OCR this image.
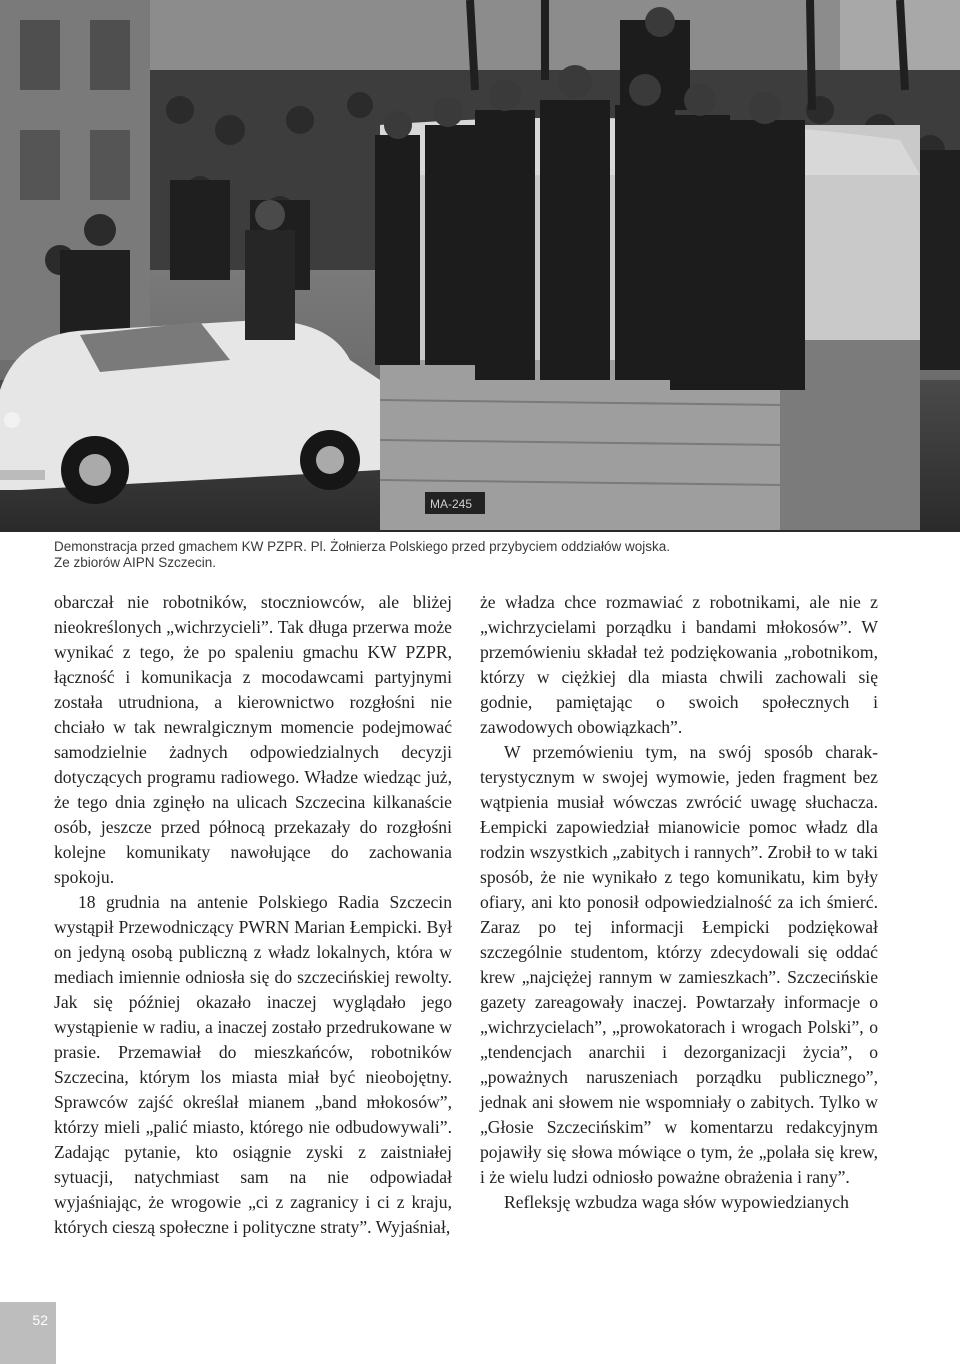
MA-245
Demonstracja przed gmachem KW PZPR. Pl. Żołnierza Polskiego przed przybyciem oddziałów wojska.
Ze zbiorów AIPN Szczecin.

obarczał nie robotników, stoczniowców, ale bliżej nieokreślonych „wichrzycieli”. Tak długa przerwa może wynikać z tego, że po spaleniu gmachu KW PZPR, łączność i komunikacja z mocodawcami partyjnymi została utrudniona, a kierownictwo rozgłośni nie chciało w tak newralgicznym momencie podejmować samodzielnie żadnych odpowiedzialnych decyzji dotyczących programu radiowego. Władze wiedząc już, że tego dnia zginęło na ulicach Szczecina kilkanaście osób, jeszcze przed północą przekazały do rozgłośni kolejne komunikaty nawołujące do zachowania spokoju.

18 grudnia na antenie Polskiego Radia Szczecin wystąpił Przewodniczący PWRN Marian Łempicki. Był on jedyną osobą publiczną z władz lokalnych, która w mediach imiennie odniosła się do szczecińskiej rewolty. Jak się później okazało inaczej wyglądało jego wystąpienie w radiu, a inaczej zostało przedrukowane w prasie. Przemawiał do mieszkańców, robotników Szczecina, którym los miasta miał być nieobojętny. Sprawców zajść określał mianem „band młokosów”, którzy mieli „palić miasto, którego nie odbudowywali”. Zadając pytanie, kto osiągnie zyski z zaistniałej sytuacji, natychmiast sam na nie odpowiadał wyjaśniając, że wrogowie „ci z zagranicy i ci z kraju, których cieszą społeczne i polityczne straty”. Wyjaśniał,

że władza chce rozmawiać z robotnikami, ale nie z „wichrzycielami porządku i bandami młokosów”. W przemówieniu składał też podziękowania „robotnikom, którzy w ciężkiej dla miasta chwili zachowali się godnie, pamiętając o swoich społecznych i zawodowych obowiązkach”.

W przemówieniu tym, na swój sposób charakterystycznym w swojej wymowie, jeden fragment bez wątpienia musiał wówczas zwrócić uwagę słuchacza. Łempicki zapowiedział mianowicie pomoc władz dla rodzin wszystkich „zabitych i rannych”. Zrobił to w taki sposób, że nie wynikało z tego komunikatu, kim były ofiary, ani kto ponosił odpowiedzialność za ich śmierć. Zaraz po tej informacji Łempicki podziękował szczególnie studentom, którzy zdecydowali się oddać krew „najciężej rannym w zamieszkach”. Szczecińskie gazety zareagowały inaczej. Powtarzały informacje o „wichrzycielach”, „prowokatorach i wrogach Polski”, o „tendencjach anarchii i dezorganizacji życia”, o „poważnych naruszeniach porządku publicznego”, jednak ani słowem nie wspomniały o zabitych. Tylko w „Głosie Szczecińskim” w komentarzu redakcyjnym pojawiły się słowa mówiące o tym, że „polała się krew, i że wielu ludzi odniosło poważne obrażenia i rany”.

Refleksję wzbudza waga słów wypowiedzianych

52
